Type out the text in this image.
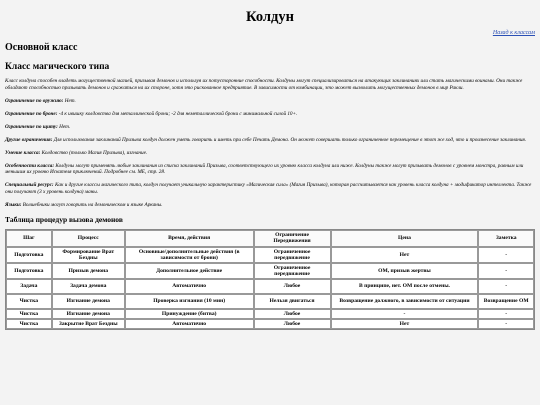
Колдун
Назад к классам
Основной класс
Класс магического типа

Класс колдуна способен владеть могущественной магией, призывая демонов и используя их потусторонние способности. Колдуны могут специализироваться на атакующих заклинаниях или стать магическими воинами. Они также обладают способностью призывать демонов и сражаться на их стороне, хотя это рискованное предприятие. В зависимости от комбинации, это может вызволить могущественных демонов в мир Ракли.

Ограничение по оружию: Нет.

Ограничение по броне: -4 к ивишку колдовства для металлической брони; -2 для неметаллической брони с минимальной силой 10+.

Ограничение по щиту: Нет.

Другие ограничения: Для использования заклинаний Призыва колдун должен уметь говорить и иметь при себе Печать Демона. Он может совершать только ограниченное перемещение в этот же ход, что и произнесение заклинания.

Умение класса: Колдовство (только Магия Призыва), изгнание.

Особенности класса: Колдуны могут применять любые заклинания из списка заклинаний Призыва, соответствующего их уровню класса колдуна или ниже. Колдуны также могут призывать демонов с уровнем монстра, равным или меньшим их уровню Искателя приключений. Подробнее см. МЕ, стр. 28.

Специальный ресурс: Как и другие классы магического типа, колдун получает уникальную характеристику «Магическая сила» (Магия Призыва), которая рассчитывается как уровень класса колдуна + модификатор интеллекта. Также они получают (3 х уровень колдуна) маны.

Языки: Волшебники могут говорить на демоническом и языке Арканы.

Таблица процедур вызова демонов
Шаг	Процесс	Время, действия	Ограничение Передвижения	Цена	Заметка
Подготовка	Формирование Врат Бездны	Основные/дополнительные действия (в зависимости от брони)	Ограниченное передвижение	Нет	-
Подготовка	Призыв демона	Дополнительное действие	Ограниченное передвижение	ОМ, призыв жертвы	-
Задача	Задача демона	Автоматично	Любое	В принципе, нет. ОМ после отмены.	-
Чистка	Изгнание демона	Проверка изгнания (10 мин)	Нельзя двигаться	Возвращение должного, в зависимости от ситуации	Возвращение ОМ
Чистка	Изгнание демона	Принуждение (битва)	Любое	-	-
Чистка	Закрытие Врат Бездны	Автоматично	Любое	Нет	-
